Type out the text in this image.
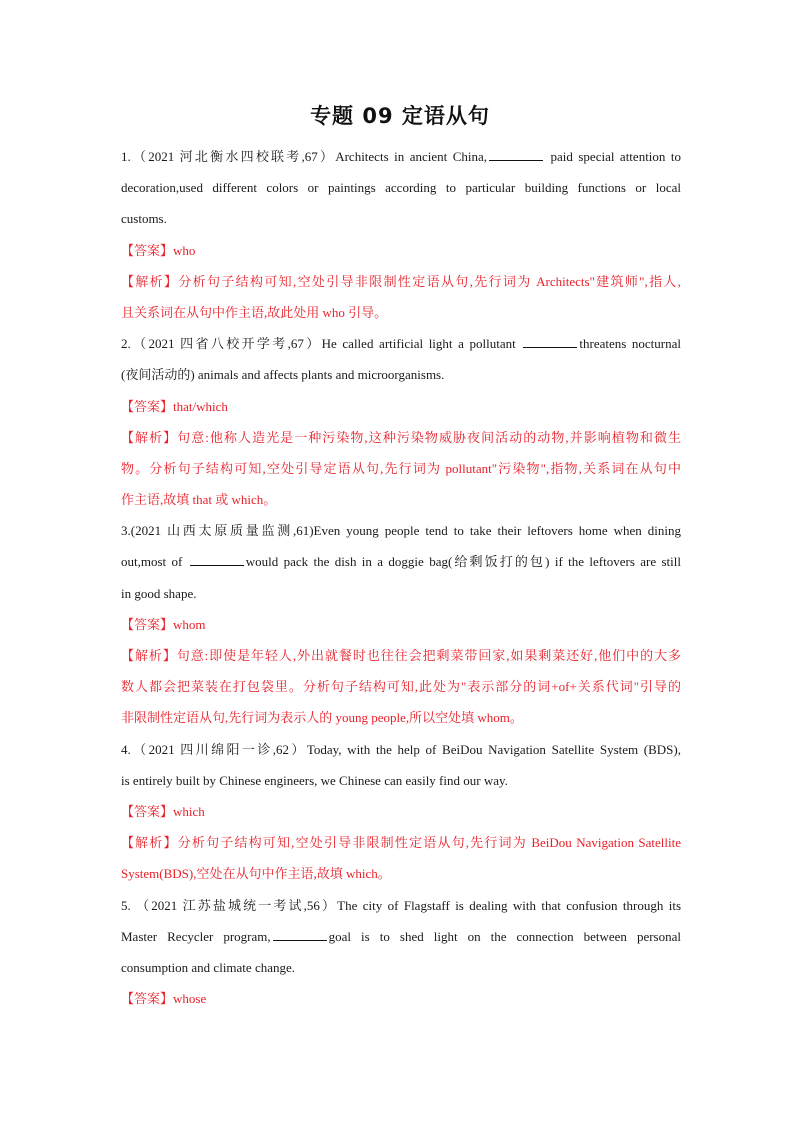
专题 09 定语从句
1.（2021 河北衡水四校联考,67）Architects in ancient China,	paid special attention to
decoration,used different colors or paintings according to particular building functions or local
customs.
【答案】who
【解析】分析句子结构可知,空处引导非限制性定语从句,先行词为 Architects"建筑师",指人,
且关系词在从句中作主语,故此处用 who 引导。
2.（2021 四省八校开学考,67）He called artificial light a pollutant	threatens nocturnal
(夜间活动的) animals and affects plants and microorganisms.
【答案】that/which
【解析】句意:他称人造光是一种污染物,这种污染物威胁夜间活动的动物,并影响植物和微生
物。分析句子结构可知,空处引导定语从句,先行词为 pollutant"污染物",指物,关系词在从句中
作主语,故填 that 或 which。
3.(2021 山西太原质量监测,61)Even young people tend to take their leftovers home when dining
out,most of	would pack the dish in a doggie bag(给剩饭打的包) if the leftovers are still
in good shape.
【答案】whom
【解析】句意:即使是年轻人,外出就餐时也往往会把剩菜带回家,如果剩菜还好,他们中的大多
数人都会把菜装在打包袋里。分析句子结构可知,此处为"表示部分的词+of+关系代词"引导的
非限制性定语从句,先行词为表示人的 young people,所以空处填 whom。
4.（2021 四川绵阳一诊,62）Today, with the help of BeiDou Navigation Satellite System (BDS),
is entirely built by Chinese engineers, we Chinese can easily find our way.
【答案】which
【解析】分析句子结构可知,空处引导非限制性定语从句,先行词为 BeiDou Navigation Satellite
System(BDS),空处在从句中作主语,故填 which。
5. （2021 江苏盐城统一考试,56）The city of Flagstaff is dealing with that confusion through its
Master Recycler program,	goal is to shed light on the connection between personal
consumption and climate change.
【答案】whose
